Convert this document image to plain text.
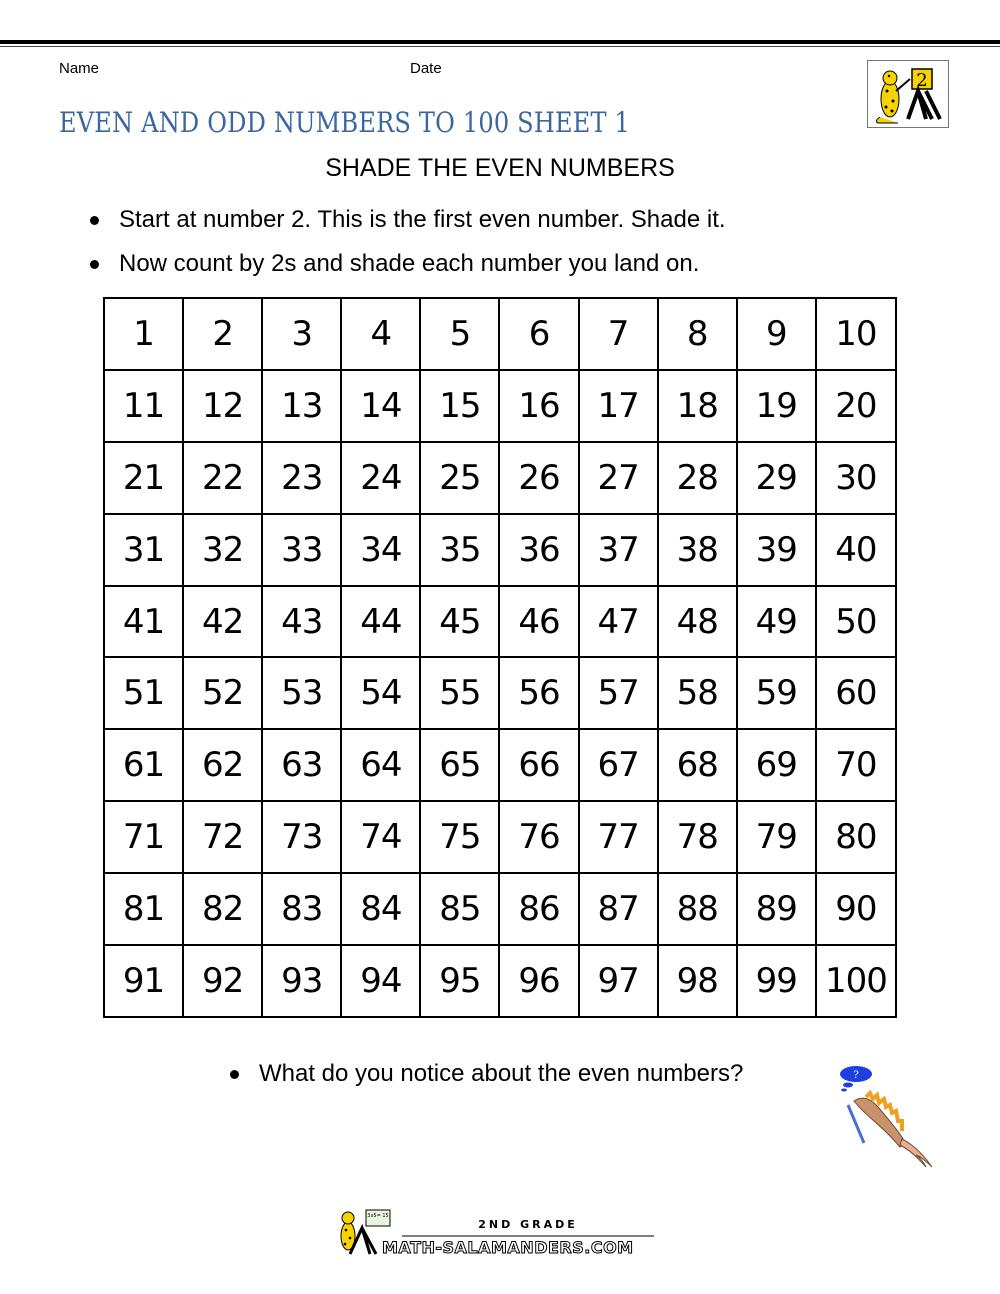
Name	Date
2
EVEN AND ODD NUMBERS TO 100 SHEET 1
SHADE THE EVEN NUMBERS
Start at number 2. This is the first even number. Shade it.
Now count by 2s and shade each number you land on.
1	2	3	4	5	6	7	8	9	10
11	12	13	14	15	16	17	18	19	20
21	22	23	24	25	26	27	28	29	30
31	32	33	34	35	36	37	38	39	40
41	42	43	44	45	46	47	48	49	50
51	52	53	54	55	56	57	58	59	60
61	62	63	64	65	66	67	68	69	70
71	72	73	74	75	76	77	78	79	80
81	82	83	84	85	86	87	88	89	90
91	92	93	94	95	96	97	98	99	100
What do you notice about the even numbers?	?
3x5= 15
2ND GRADE
MATH-SALAMANDERS.COM
